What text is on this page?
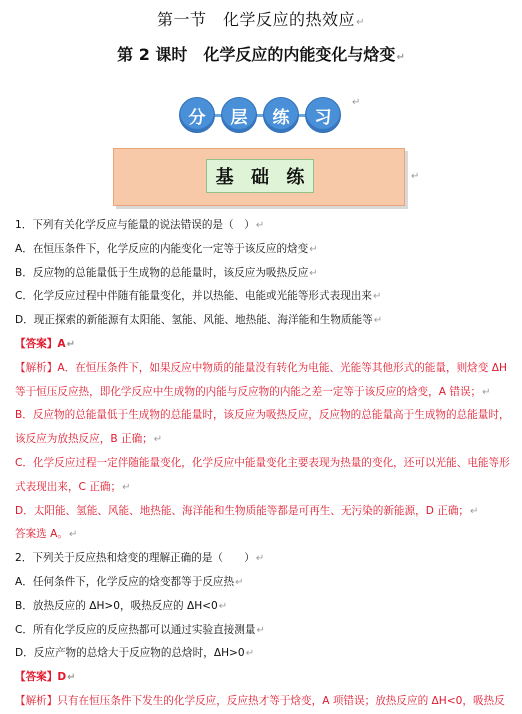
第一节　化学反应的热效应↵
第 2 课时　化学反应的内能变化与焓变↵
分	层	练	习
↵
基 础 练	↵
1．下列有关化学反应与能量的说法错误的是（　）↵
A．在恒压条件下，化学反应的内能变化一定等于该反应的焓变↵
B．反应物的总能量低于生成物的总能量时，该反应为吸热反应↵
C．化学反应过程中伴随有能量变化，并以热能、电能或光能等形式表现出来↵
D．现正探索的新能源有太阳能、氢能、风能、地热能、海洋能和生物质能等↵
【答案】A↵
【解析】A．在恒压条件下，如果反应中物质的能量没有转化为电能、光能等其他形式的能量，则焓变 ΔH
等于恒压反应热，即化学反应中生成物的内能与反应物的内能之差一定等于该反应的焓变，A 错误；↵
B．反应物的总能量低于生成物的总能量时，该反应为吸热反应，反应物的总能量高于生成物的总能量时，
该反应为放热反应，B 正确；↵
C．化学反应过程一定伴随能量变化，化学反应中能量变化主要表现为热量的变化，还可以光能、电能等形
式表现出来，C 正确；↵
D．太阳能、氢能、风能、地热能、海洋能和生物质能等都是可再生、无污染的新能源，D 正确；↵
答案选 A。↵
2．下列关于反应热和焓变的理解正确的是（　　）↵
A．任何条件下，化学反应的焓变都等于反应热↵
B．放热反应的 ΔH>0，吸热反应的 ΔH<0↵
C．所有化学反应的反应热都可以通过实验直接测量↵
D．反应产物的总焓大于反应物的总焓时，ΔH>0↵
【答案】D↵
【解析】只有在恒压条件下发生的化学反应，反应热才等于焓变，A 项错误；放热反应的 ΔH<0，吸热反
